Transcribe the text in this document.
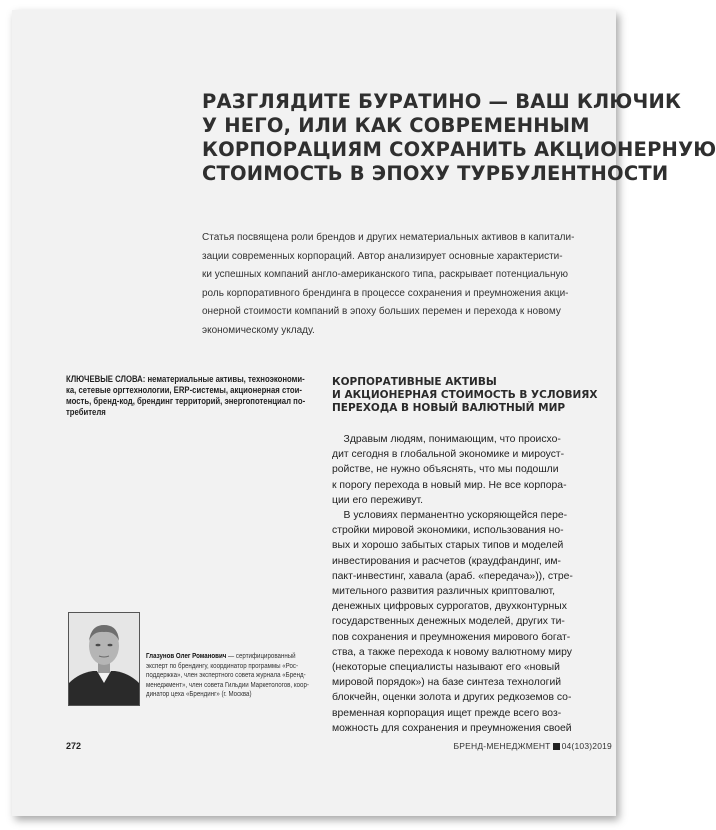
РАЗГЛЯДИТЕ БУРАТИНО — ВАШ КЛЮЧИК
У НЕГО, ИЛИ КАК СОВРЕМЕННЫМ
КОРПОРАЦИЯМ СОХРАНИТЬ АКЦИОНЕРНУЮ
СТОИМОСТЬ В ЭПОХУ ТУРБУЛЕНТНОСТИ
Статья посвящена роли брендов и других нематериальных активов в капитали-
зации современных корпораций. Автор анализирует основные характеристи-
ки успешных компаний англо-американского типа, раскрывает потенциальную
роль корпоративного брендинга в процессе сохранения и преумножения акци-
онерной стоимости компаний в эпоху больших перемен и перехода к новому
экономическому укладу.
КЛЮЧЕВЫЕ СЛОВА: нематериальные активы, техноэкономи-
ка, сетевые оргтехнологии, ERP-системы, акционерная стои-
мость, бренд-код, брендинг территорий, энергопотенциал по-
требителя
КОРПОРАТИВНЫЕ АКТИВЫ
И АКЦИОНЕРНАЯ СТОИМОСТЬ В УСЛОВИЯХ
ПЕРЕХОДА В НОВЫЙ ВАЛЮТНЫЙ МИР
Здравым людям, понимающим, что происхо-
дит сегодня в глобальной экономике и мироуст-
ройстве, не нужно объяснять, что мы подошли
к порогу перехода в новый мир. Не все корпора-
ции его переживут.
В условиях перманентно ускоряющейся пере-
стройки мировой экономики, использования но-
вых и хорошо забытых старых типов и моделей
инвестирования и расчетов (краудфандинг, им-
пакт-инвестинг, хавала (араб. «передача»)), стре-
мительного развития различных криптовалют,
денежных цифровых суррогатов, двухконтурных
государственных денежных моделей, других ти-
пов сохранения и преумножения мирового богат-
ства, а также перехода к новому валютному миру
(некоторые специалисты называют его «новый
мировой порядок») на базе синтеза технологий
блокчейн, оценки золота и других редкоземов со-
временная корпорация ищет прежде всего воз-
можность для сохранения и преумножения своей
Глазунов Олег Романович — сертифицированный
эксперт по брендингу, координатор программы «Рос-
поддержка», член экспертного совета журнала «Бренд-
менеджмент», член совета Гильдии Маркетологов, коор-
динатор цеха «Брендинг» (г. Москва)
272	БРЕНД-МЕНЕДЖМЕНТ 04(103)2019
